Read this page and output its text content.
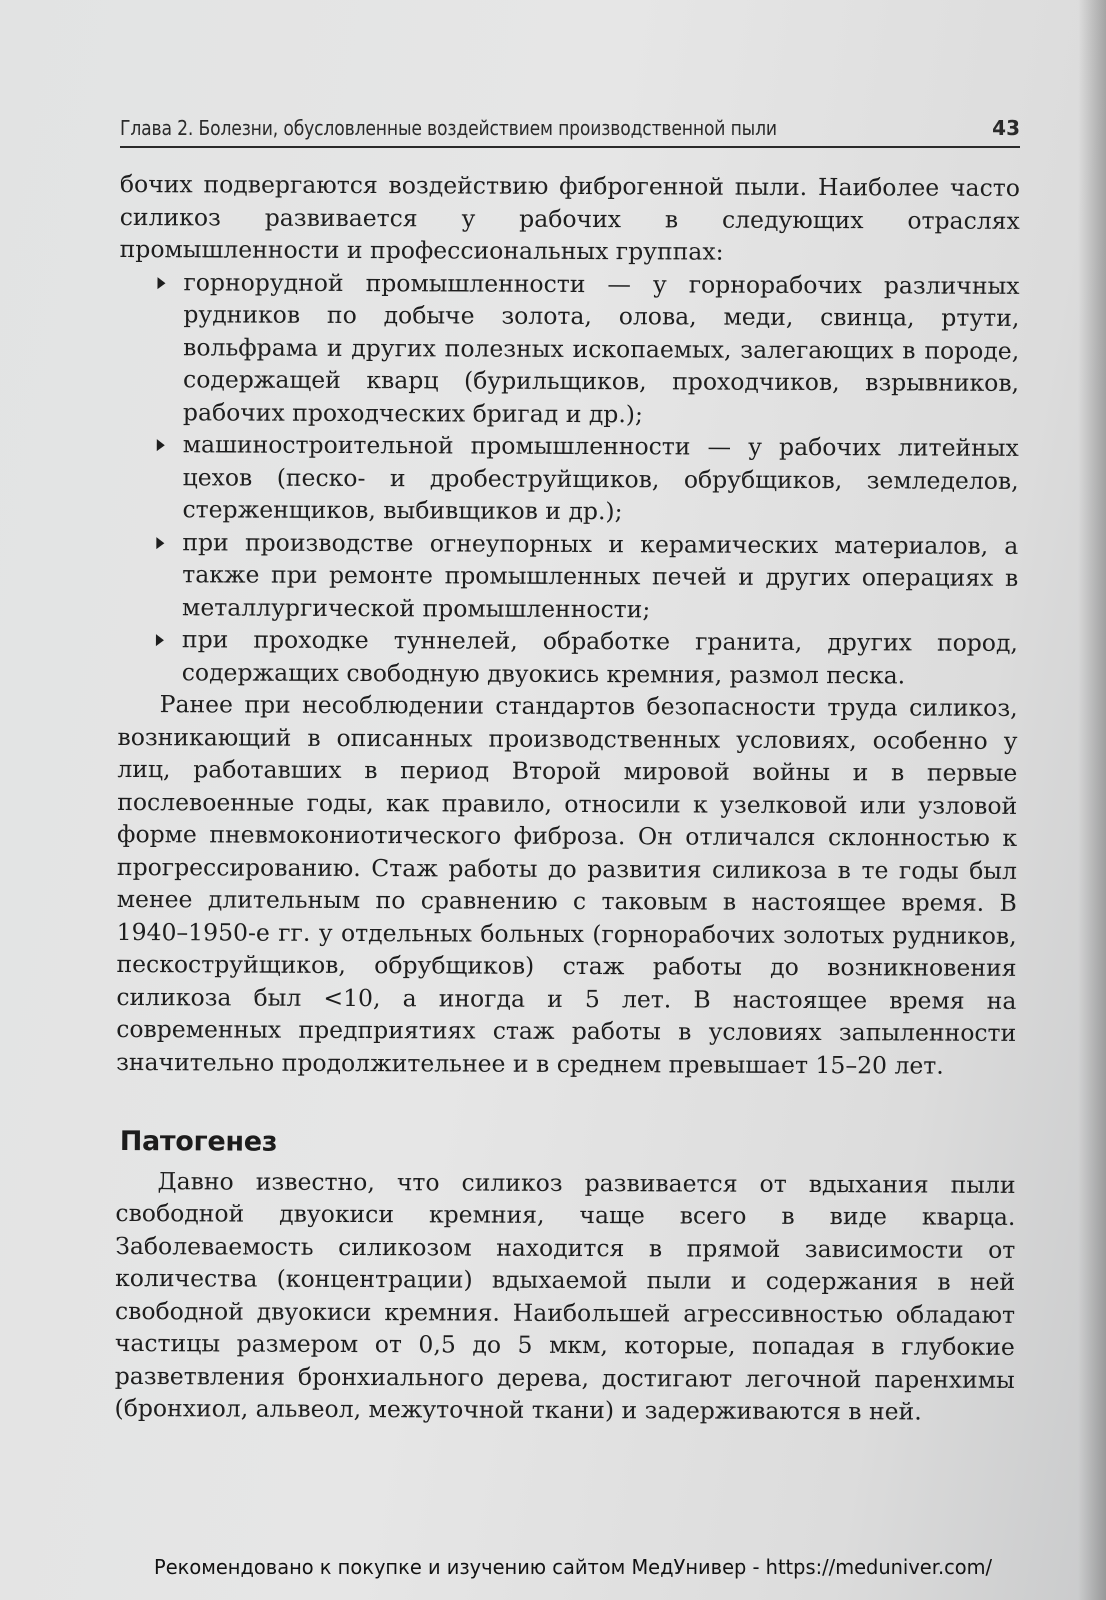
Глава 2. Болезни, обусловленные воздействием производственной пыли	43

бочих подвергаются воздействию фиброгенной пыли. Наиболее часто силикоз развивается у рабочих в следующих отраслях промышленности и профессиональных группах:

горнорудной промышленности — у горнорабочих различных рудников по добыче золота, олова, меди, свинца, ртути, вольфрама и других полезных ископаемых, залегающих в породе, содержащей кварц (бурильщиков, проходчиков, взрывников, рабочих проходческих бригад и др.);
машиностроительной промышленности — у рабочих литейных цехов (песко- и дробеструйщиков, обрубщиков, земледелов, стерженщиков, выбивщиков и др.);
при производстве огнеупорных и керамических материалов, а также при ремонте промышленных печей и других операциях в металлургической промышленности;
при проходке туннелей, обработке гранита, других пород, содержащих свободную двуокись кремния, размол песка.

Ранее при несоблюдении стандартов безопасности труда силикоз, возникающий в описанных производственных условиях, особенно у лиц, работавших в период Второй мировой войны и в первые послевоенные годы, как правило, относили к узелковой или узловой форме пневмокониотического фиброза. Он отличался склонностью к прогрессированию. Стаж работы до развития силикоза в те годы был менее длительным по сравнению с таковым в настоящее время. В 1940–1950-е гг. у отдельных больных (горнорабочих золотых рудников, пескоструйщиков, обрубщиков) стаж работы до возникновения силикоза был <10, а иногда и 5 лет. В настоящее время на современных предприятиях стаж работы в условиях запыленности значительно продолжительнее и в среднем превышает 15–20 лет.

Патогенез

Давно известно, что силикоз развивается от вдыхания пыли свободной двуокиси кремния, чаще всего в виде кварца. Заболеваемость силикозом находится в прямой зависимости от количества (концентрации) вдыхаемой пыли и содержания в ней свободной двуокиси кремния. Наибольшей агрессивностью обладают частицы размером от 0,5 до 5 мкм, которые, попадая в глубокие разветвления бронхиального дерева, достигают легочной паренхимы (бронхиол, альвеол, межуточной ткани) и задерживаются в ней.

Рекомендовано к покупке и изучению сайтом МедУнивер - https://meduniver.com/
